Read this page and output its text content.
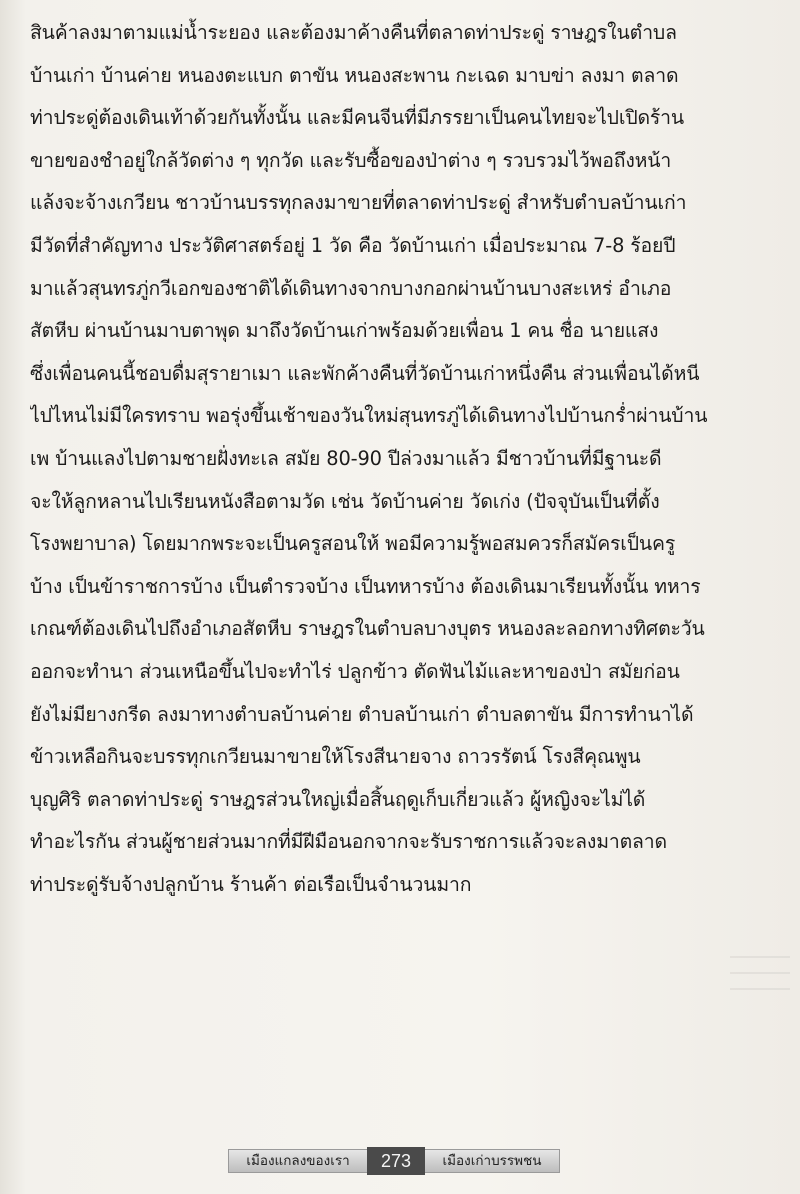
สินค้าลงมาตามแม่น้ำระยอง และต้องมาค้างคืนที่ตลาดท่าประดู่ ราษฎรในตำบล
บ้านเก่า บ้านค่าย หนองตะแบก ตาขัน หนองสะพาน กะเฉด มาบข่า ลงมา ตลาด
ท่าประดู่ต้องเดินเท้าด้วยกันทั้งนั้น และมีคนจีนที่มีภรรยาเป็นคนไทยจะไปเปิดร้าน
ขายของชำอยู่ใกล้วัดต่าง ๆ ทุกวัด และรับซื้อของป่าต่าง ๆ รวบรวมไว้พอถึงหน้า
แล้งจะจ้างเกวียน ชาวบ้านบรรทุกลงมาขายที่ตลาดท่าประดู่ สำหรับตำบลบ้านเก่า
มีวัดที่สำคัญทาง ประวัติศาสตร์อยู่ 1 วัด คือ วัดบ้านเก่า เมื่อประมาณ 7-8 ร้อยปี
มาแล้วสุนทรภู่กวีเอกของชาติได้เดินทางจากบางกอกผ่านบ้านบางสะเหร่ อำเภอ
สัตหีบ ผ่านบ้านมาบตาพุด มาถึงวัดบ้านเก่าพร้อมด้วยเพื่อน 1 คน ชื่อ นายแสง
ซึ่งเพื่อนคนนี้ชอบดื่มสุรายาเมา และพักค้างคืนที่วัดบ้านเก่าหนึ่งคืน ส่วนเพื่อนได้หนี
ไปไหนไม่มีใครทราบ พอรุ่งขึ้นเช้าของวันใหม่สุนทรภู่ได้เดินทางไปบ้านกร่ำผ่านบ้าน
เพ บ้านแลงไปตามชายฝั่งทะเล สมัย 80-90 ปีล่วงมาแล้ว มีชาวบ้านที่มีฐานะดี
จะให้ลูกหลานไปเรียนหนังสือตามวัด เช่น วัดบ้านค่าย วัดเก่ง (ปัจจุบันเป็นที่ตั้ง
โรงพยาบาล) โดยมากพระจะเป็นครูสอนให้ พอมีความรู้พอสมควรก็สมัครเป็นครู
บ้าง เป็นข้าราชการบ้าง เป็นตำรวจบ้าง เป็นทหารบ้าง ต้องเดินมาเรียนทั้งนั้น ทหาร
เกณฑ์ต้องเดินไปถึงอำเภอสัตหีบ ราษฎรในตำบลบางบุตร หนองละลอกทางทิศตะวัน
ออกจะทำนา ส่วนเหนือขึ้นไปจะทำไร่ ปลูกข้าว ตัดฟันไม้และหาของป่า สมัยก่อน
ยังไม่มียางกรีด ลงมาทางตำบลบ้านค่าย ตำบลบ้านเก่า ตำบลตาขัน มีการทำนาได้
ข้าวเหลือกินจะบรรทุกเกวียนมาขายให้โรงสีนายจาง ถาวรรัตน์ โรงสีคุณพูน
บุญศิริ ตลาดท่าประดู่ ราษฎรส่วนใหญ่เมื่อสิ้นฤดูเก็บเกี่ยวแล้ว ผู้หญิงจะไม่ได้
ทำอะไรกัน ส่วนผู้ชายส่วนมากที่มีฝีมือนอกจากจะรับราชการแล้วจะลงมาตลาด
ท่าประดู่รับจ้างปลูกบ้าน ร้านค้า ต่อเรือเป็นจำนวนมาก
เมืองแกลงของเรา	273	เมืองเก่าบรรพชน
